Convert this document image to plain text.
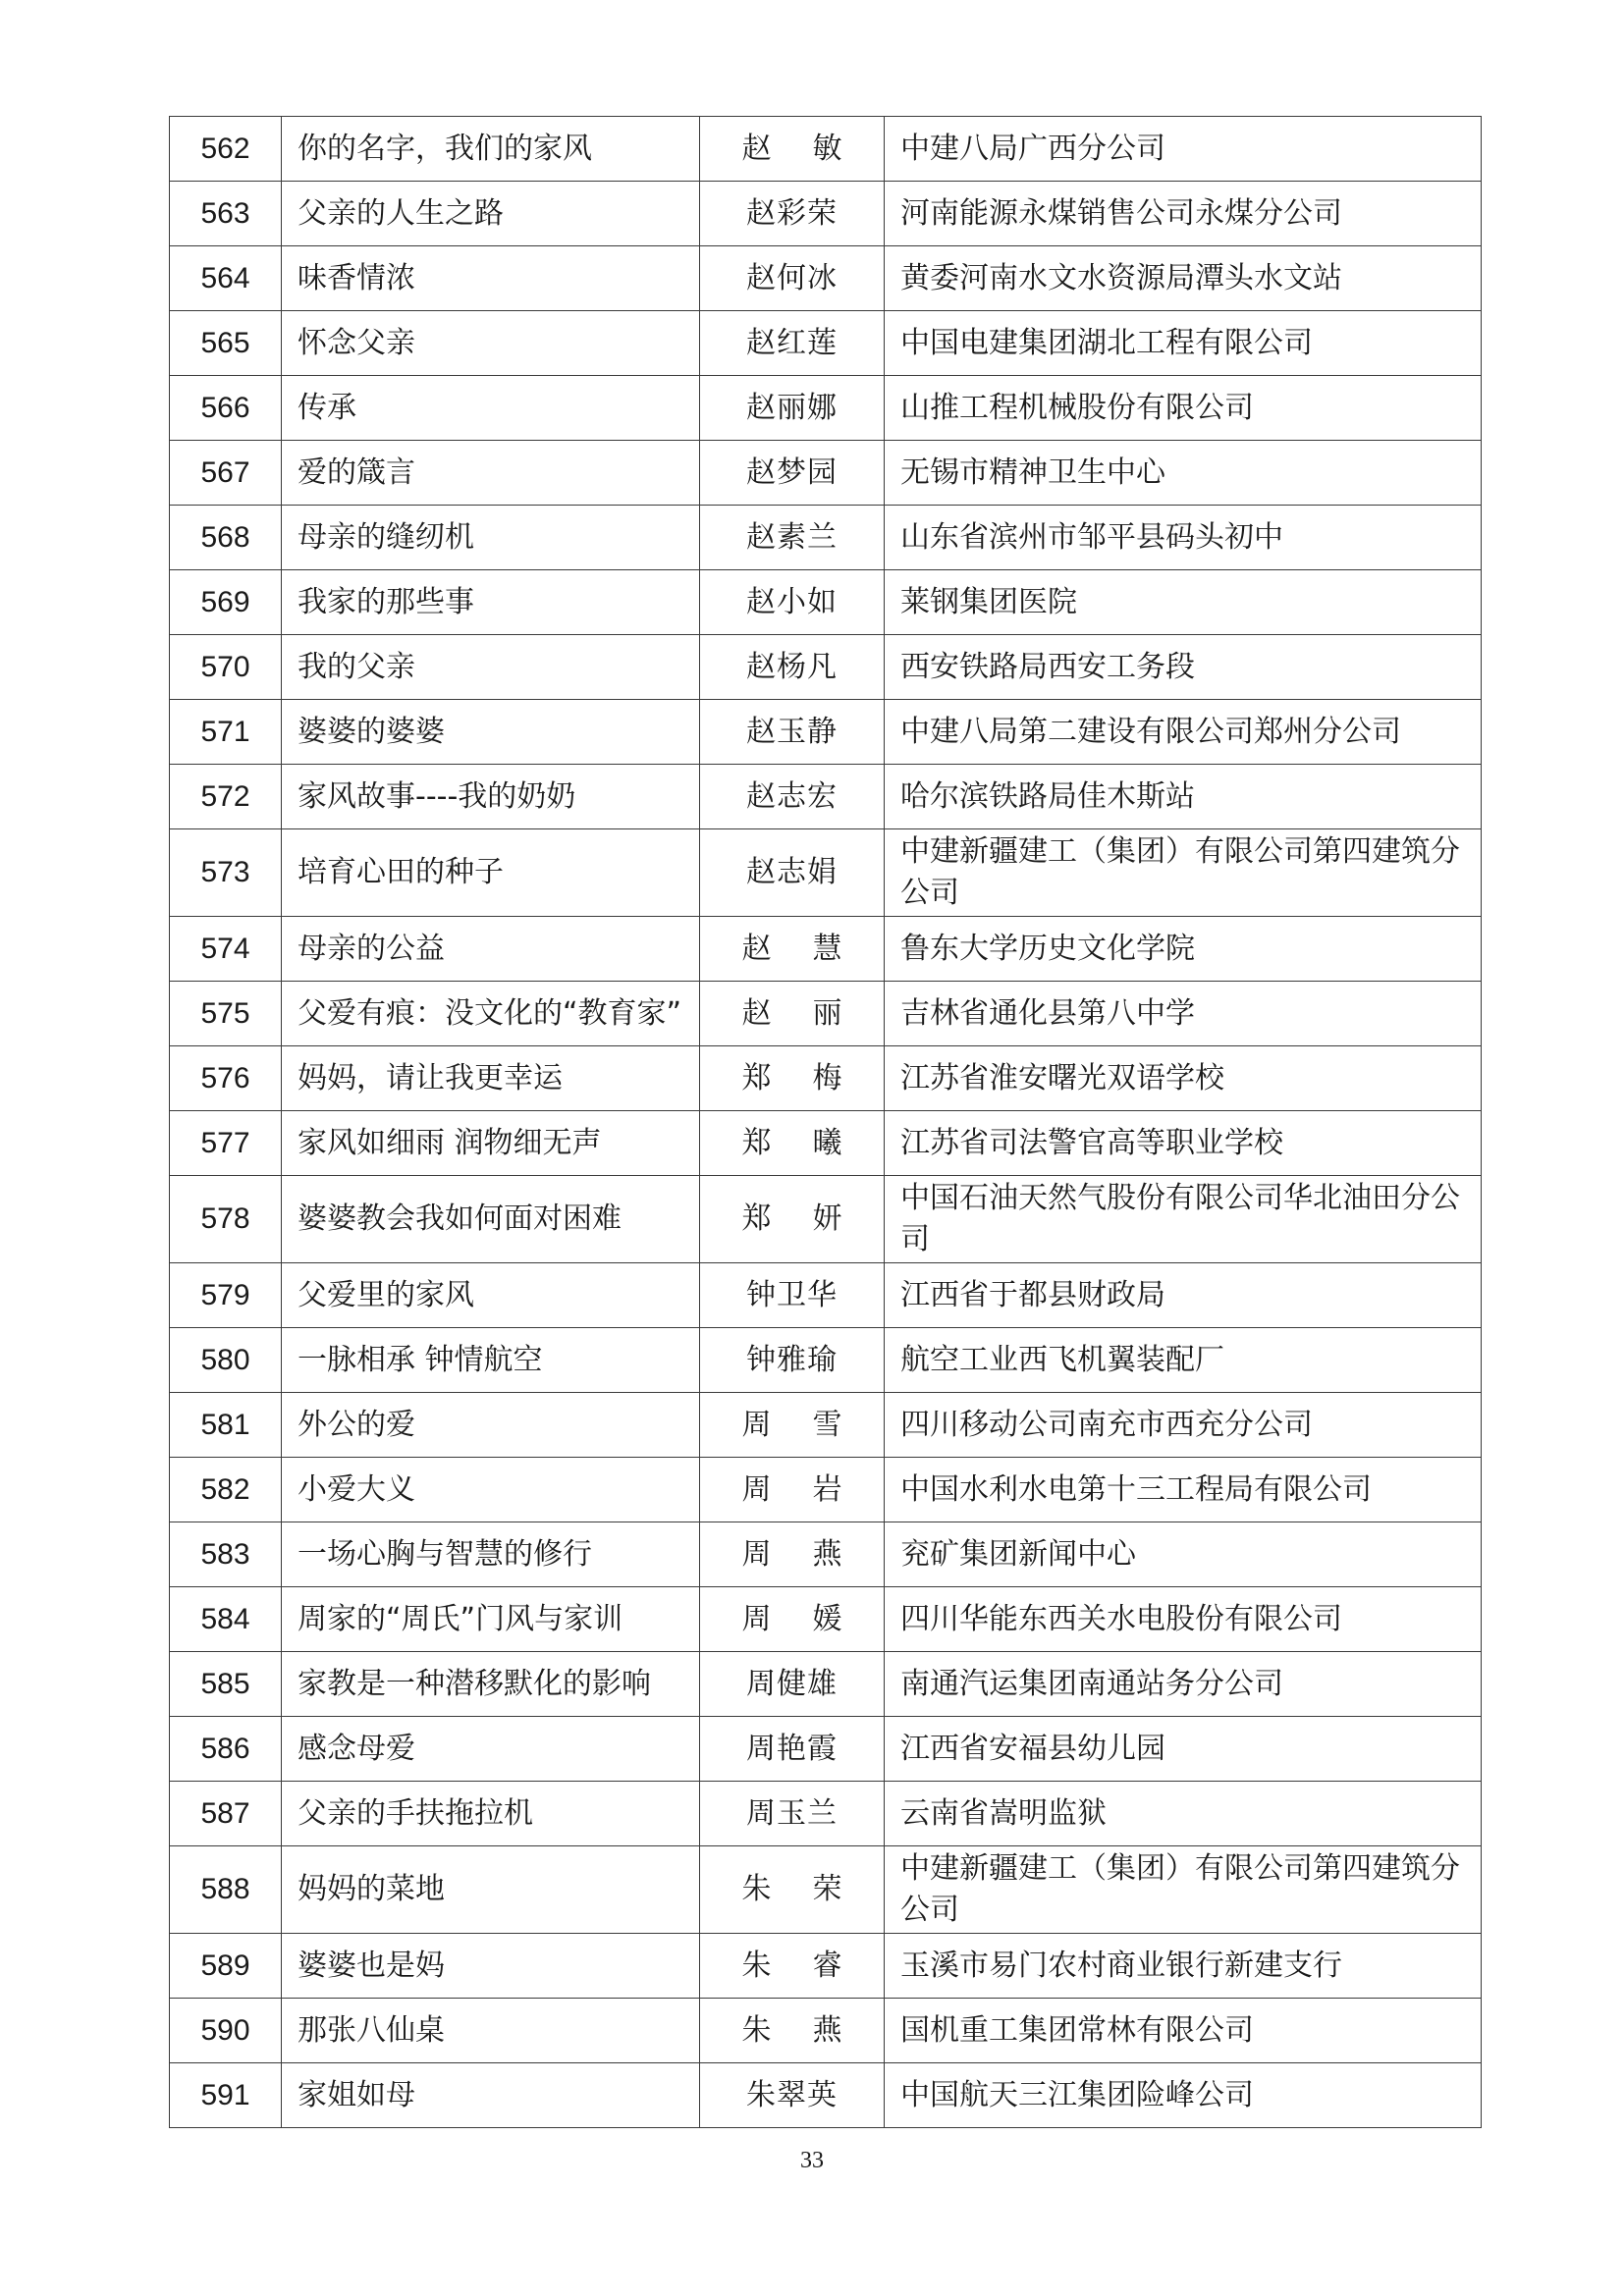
562	你的名字，我们的家风	赵敏	中建八局广西分公司
563	父亲的人生之路	赵彩荣	河南能源永煤销售公司永煤分公司
564	味香情浓	赵何冰	黄委河南水文水资源局潭头水文站
565	怀念父亲	赵红莲	中国电建集团湖北工程有限公司
566	传承	赵丽娜	山推工程机械股份有限公司
567	爱的箴言	赵梦园	无锡市精神卫生中心
568	母亲的缝纫机	赵素兰	山东省滨州市邹平县码头初中
569	我家的那些事	赵小如	莱钢集团医院
570	我的父亲	赵杨凡	西安铁路局西安工务段
571	婆婆的婆婆	赵玉静	中建八局第二建设有限公司郑州分公司
572	家风故事----我的奶奶	赵志宏	哈尔滨铁路局佳木斯站
573	培育心田的种子	赵志娟	中建新疆建工（集团）有限公司第四建筑分公司
574	母亲的公益	赵慧	鲁东大学历史文化学院
575	父爱有痕：没文化的“教育家”	赵丽	吉林省通化县第八中学
576	妈妈，请让我更幸运	郑梅	江苏省淮安曙光双语学校
577	家风如细雨 润物细无声	郑曦	江苏省司法警官高等职业学校
578	婆婆教会我如何面对困难	郑妍	中国石油天然气股份有限公司华北油田分公司
579	父爱里的家风	钟卫华	江西省于都县财政局
580	一脉相承 钟情航空	钟雅瑜	航空工业西飞机翼装配厂
581	外公的爱	周雪	四川移动公司南充市西充分公司
582	小爱大义	周岩	中国水利水电第十三工程局有限公司
583	一场心胸与智慧的修行	周燕	兖矿集团新闻中心
584	周家的“周氏”门风与家训	周媛	四川华能东西关水电股份有限公司
585	家教是一种潜移默化的影响	周健雄	南通汽运集团南通站务分公司
586	感念母爱	周艳霞	江西省安福县幼儿园
587	父亲的手扶拖拉机	周玉兰	云南省嵩明监狱
588	妈妈的菜地	朱荣	中建新疆建工（集团）有限公司第四建筑分公司
589	婆婆也是妈	朱睿	玉溪市易门农村商业银行新建支行
590	那张八仙桌	朱燕	国机重工集团常林有限公司
591	家姐如母	朱翠英	中国航天三江集团险峰公司
33
